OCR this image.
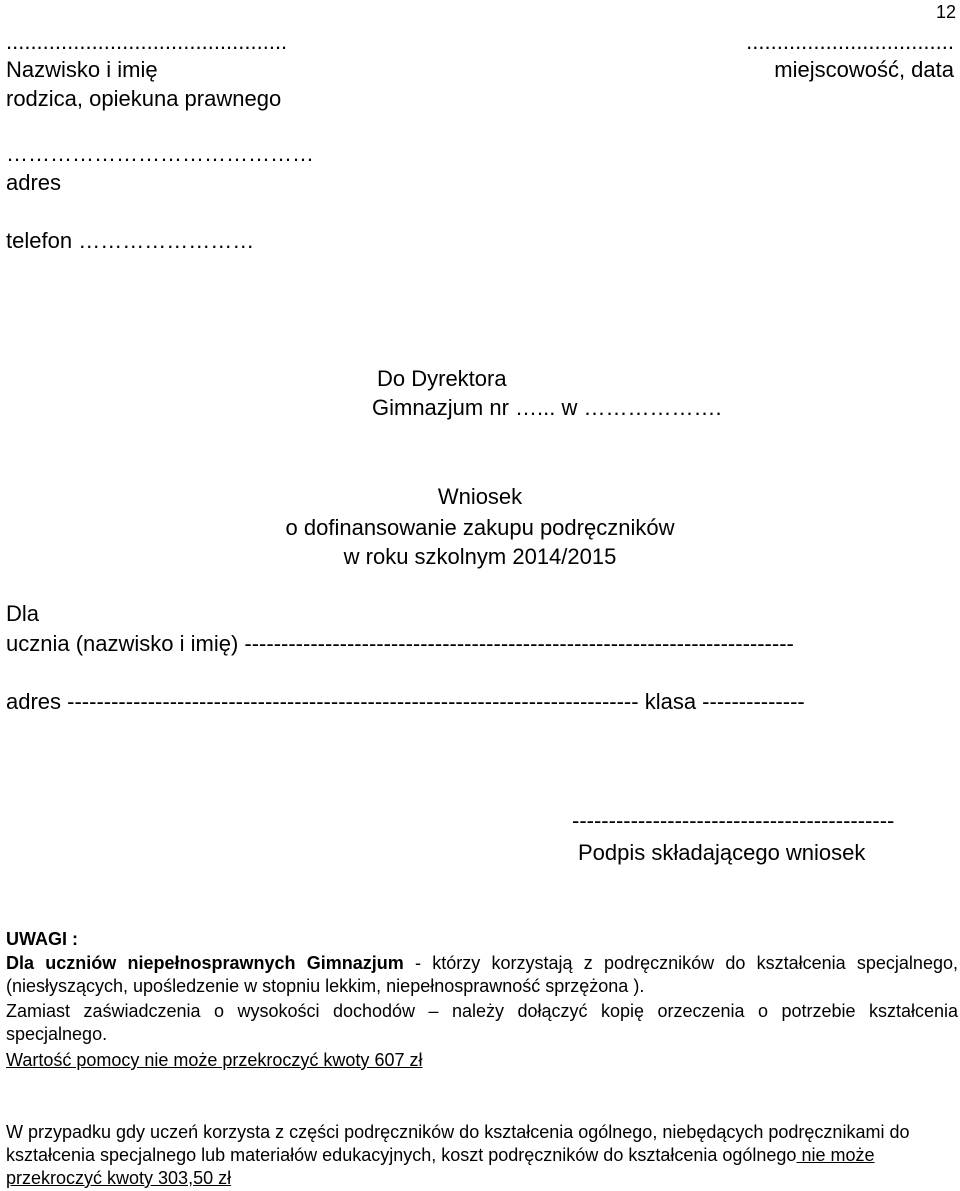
12
..............................................
Nazwisko i imię
rodzica, opiekuna prawnego
..................................
miejscowość, data
……………………………………
adres
telefon ……………………
Do Dyrektora
Gimnazjum nr …... w ……………….
Wniosek
o dofinansowanie zakupu podręczników
w roku szkolnym 2014/2015
Dla
ucznia (nazwisko i imię) ---------------------------------------------------------------------------
adres ------------------------------------------------------------------------------ klasa --------------
--------------------------------------------
Podpis składającego wniosek
UWAGI :
Dla uczniów niepełnosprawnych Gimnazjum - którzy korzystają z podręczników do kształcenia specjalnego, (niesłyszących, upośledzenie w stopniu lekkim, niepełnosprawność sprzężona ).
Zamiast zaświadczenia o wysokości dochodów – należy dołączyć kopię orzeczenia o potrzebie kształcenia specjalnego.
Wartość pomocy nie może przekroczyć kwoty 607 zł
W przypadku gdy uczeń korzysta z części podręczników do kształcenia ogólnego, niebędących podręcznikami do kształcenia specjalnego lub materiałów edukacyjnych, koszt podręczników do kształcenia ogólnego nie może przekroczyć kwoty 303,50 zł
